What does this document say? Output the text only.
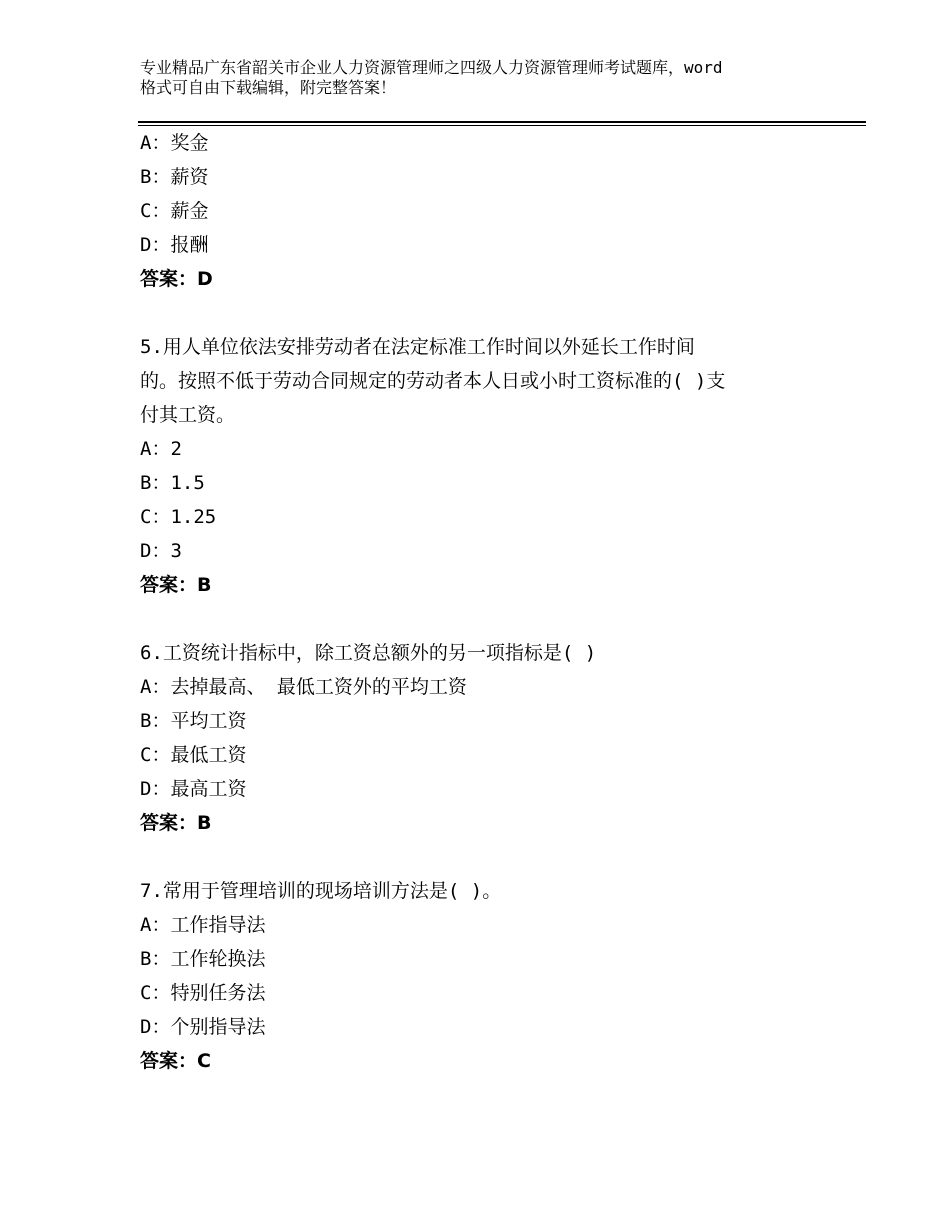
专业精品广东省韶关市企业人力资源管理师之四级人力资源管理师考试题库，word
格式可自由下载编辑，附完整答案！
A：奖金
B：薪资
C：薪金
D：报酬
答案：D
5.用人单位依法安排劳动者在法定标准工作时间以外延长工作时间
的。按照不低于劳动合同规定的劳动者本人日或小时工资标准的( )支
付其工资。
A：2
B：1.5
C：1.25
D：3
答案：B
6.工资统计指标中，除工资总额外的另一项指标是( )
A：去掉最高、 最低工资外的平均工资
B：平均工资
C：最低工资
D：最高工资
答案：B
7.常用于管理培训的现场培训方法是( )。
A：工作指导法
B：工作轮换法
C：特别任务法
D：个别指导法
答案：C
